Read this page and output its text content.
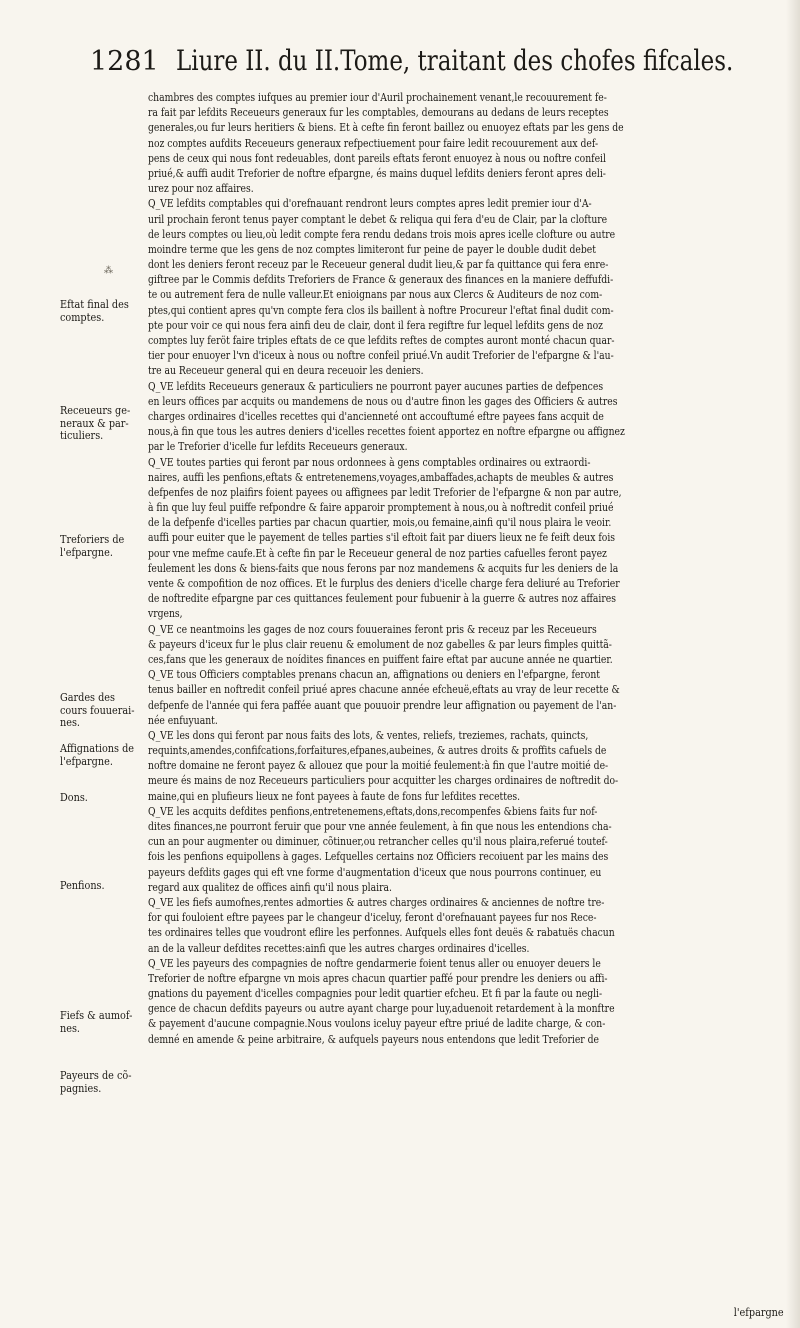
1281 Liure II. du II.Tome, traitant des chofes fifcales.
⁂
chambres des comptes iufques au premier iour d'Auril prochainement venant,le recouurement fe-
ra fait par lefdits Receueurs generaux fur les comptables, demourans au dedans de leurs receptes
generales,ou fur leurs heritiers & biens. Et à cefte fin feront baillez ou enuoyez eftats par les gens de
noz comptes aufdits Receueurs generaux refpectiuement pour faire ledit recouurement aux def-
pens de ceux qui nous font redeuables, dont pareils eftats feront enuoyez à nous ou noftre confeil
priué,& auffi audit Treforier de noftre efpargne, és mains duquel lefdits deniers feront apres deli-
urez pour noz affaires.
Q_VE lefdits comptables qui d'orefnauant rendront leurs comptes apres ledit premier iour d'A-
uril prochain feront tenus payer comptant le debet & reliqua qui fera d'eu de Clair, par la clofture
de leurs comptes ou lieu,où ledit compte fera rendu dedans trois mois apres icelle clofture ou autre
moindre terme que les gens de noz comptes limiteront fur peine de payer le double dudit debet
dont les deniers feront receuz par le Receueur general dudit lieu,& par fa quittance qui fera enre-
giftree par le Commis defdits Treforiers de France & generaux des finances en la maniere deffufdi-
te ou autrement fera de nulle valleur.Et enioignans par nous aux Clercs & Auditeurs de noz com-
ptes,qui contient apres qu'vn compte fera clos ils baillent à noftre Procureur l'eftat final dudit com-
pte pour voir ce qui nous fera ainfi deu de clair, dont il fera regiftre fur lequel lefdits gens de noz
comptes luy feröt faire triples eftats de ce que lefdits reftes de comptes auront monté chacun quar-
tier pour enuoyer l'vn d'iceux à nous ou noftre confeil priué.Vn audit Treforier de l'efpargne & l'au-
tre au Receueur general qui en deura receuoir les deniers.
Q_VE lefdits Receueurs generaux & particuliers ne pourront payer aucunes parties de defpences
en leurs offices par acquits ou mandemens de nous ou d'autre finon les gages des Officiers & autres
charges ordinaires d'icelles recettes qui d'ancienneté ont accouftumé eftre payees fans acquit de
nous,à fin que tous les autres deniers d'icelles recettes foient apportez en noftre efpargne ou affignez
par le Treforier d'icelle fur lefdits Receueurs generaux.
Q_VE toutes parties qui feront par nous ordonnees à gens comptables ordinaires ou extraordi-
naires, auffi les penfions,eftats & entretenemens,voyages,ambaffades,achapts de meubles & autres
defpenfes de noz plaifirs foient payees ou affignees par ledit Treforier de l'efpargne & non par autre,
à fin que luy feul puiffe refpondre & faire apparoir promptement à nous,ou à noftredit confeil priué
de la defpenfe d'icelles parties par chacun quartier, mois,ou femaine,ainfi qu'il nous plaira le veoir.
auffi pour euiter que le payement de telles parties s'il eftoit fait par diuers lieux ne fe feift deux fois
pour vne mefme caufe.Et à cefte fin par le Receueur general de noz parties cafuelles feront payez
feulement les dons & biens-faits que nous ferons par noz mandemens & acquits fur les deniers de la
vente & compofition de noz offices. Et le furplus des deniers d'icelle charge fera deliuré au Treforier
de noftredite efpargne par ces quittances feulement pour fubuenir à la guerre & autres noz affaires
vrgens,
Q_VE ce neantmoins les gages de noz cours fouueraines feront pris & receuz par les Receueurs
& payeurs d'iceux fur le plus clair reuenu & emolument de noz gabelles & par leurs fimples quittã-
ces,fans que les generaux de noídites finances en puiffent faire eftat par aucune année ne quartier.
Q_VE tous Officiers comptables prenans chacun an, affignations ou deniers en l'efpargne, feront
tenus bailler en noftredit confeil priué apres chacune année efcheuë,eftats au vray de leur recette &
defpenfe de l'année qui fera paffée auant que pouuoir prendre leur affignation ou payement de l'an-
née enfuyuant.
Q_VE les dons qui feront par nous faits des lots, & ventes, reliefs, treziemes, rachats, quincts,
requints,amendes,confifcations,forfaitures,efpanes,aubeines, & autres droits & proffits cafuels de
noftre domaine ne feront payez & allouez que pour la moitié feulement:à fin que l'autre moitié de-
meure és mains de noz Receueurs particuliers pour acquitter les charges ordinaires de noftredit do-
maine,qui en plufieurs lieux ne font payees à faute de fons fur lefdites recettes.
Q_VE les acquits defdites penfions,entretenemens,eftats,dons,recompenfes &biens faits fur nof-
dites finances,ne pourront feruir que pour vne année feulement, à fin que nous les entendions cha-
cun an pour augmenter ou diminuer, cõtinuer,ou retrancher celles qu'il nous plaira,referué toutef-
fois les penfions equipollens à gages. Lefquelles certains noz Officiers recoiuent par les mains des
payeurs defdits gages qui eft vne forme d'augmentation d'iceux que nous pourrons continuer, eu
regard aux qualitez de offices ainfi qu'il nous plaira.
Q_VE les fiefs aumofnes,rentes admorties & autres charges ordinaires & anciennes de noftre tre-
for qui fouloient eftre payees par le changeur d'iceluy, feront d'orefnauant payees fur nos Rece-
tes ordinaires telles que voudront eflire les perfonnes. Aufquels elles font deuës & rabatuës chacun
an de la valleur defdites recettes:ainfi que les autres charges ordinaires d'icelles.
Q_VE les payeurs des compagnies de noftre gendarmerie foient tenus aller ou enuoyer deuers le
Treforier de noftre efpargne vn mois apres chacun quartier paffé pour prendre les deniers ou affi-
gnations du payement d'icelles compagnies pour ledit quartier efcheu. Et fi par la faute ou negli-
gence de chacun defdits payeurs ou autre ayant charge pour luy,aduenoit retardement à la monftre
& payement d'aucune compagnie.Nous voulons iceluy payeur eftre priué de ladite charge, & con-
demné en amende & peine arbitraire, & aufquels payeurs nous entendons que ledit Treforier de
Eftat final des
comptes.
Receueurs ge-
neraux & par-
ticuliers.
Treforiers de
l'efpargne.
Gardes des
cours fouuerai-
nes.
Affignations de
l'efpargne.
Dons.
Penfions.
Fiefs & aumof-
nes.
Payeurs de cõ-
pagnies.
l'efpargne
